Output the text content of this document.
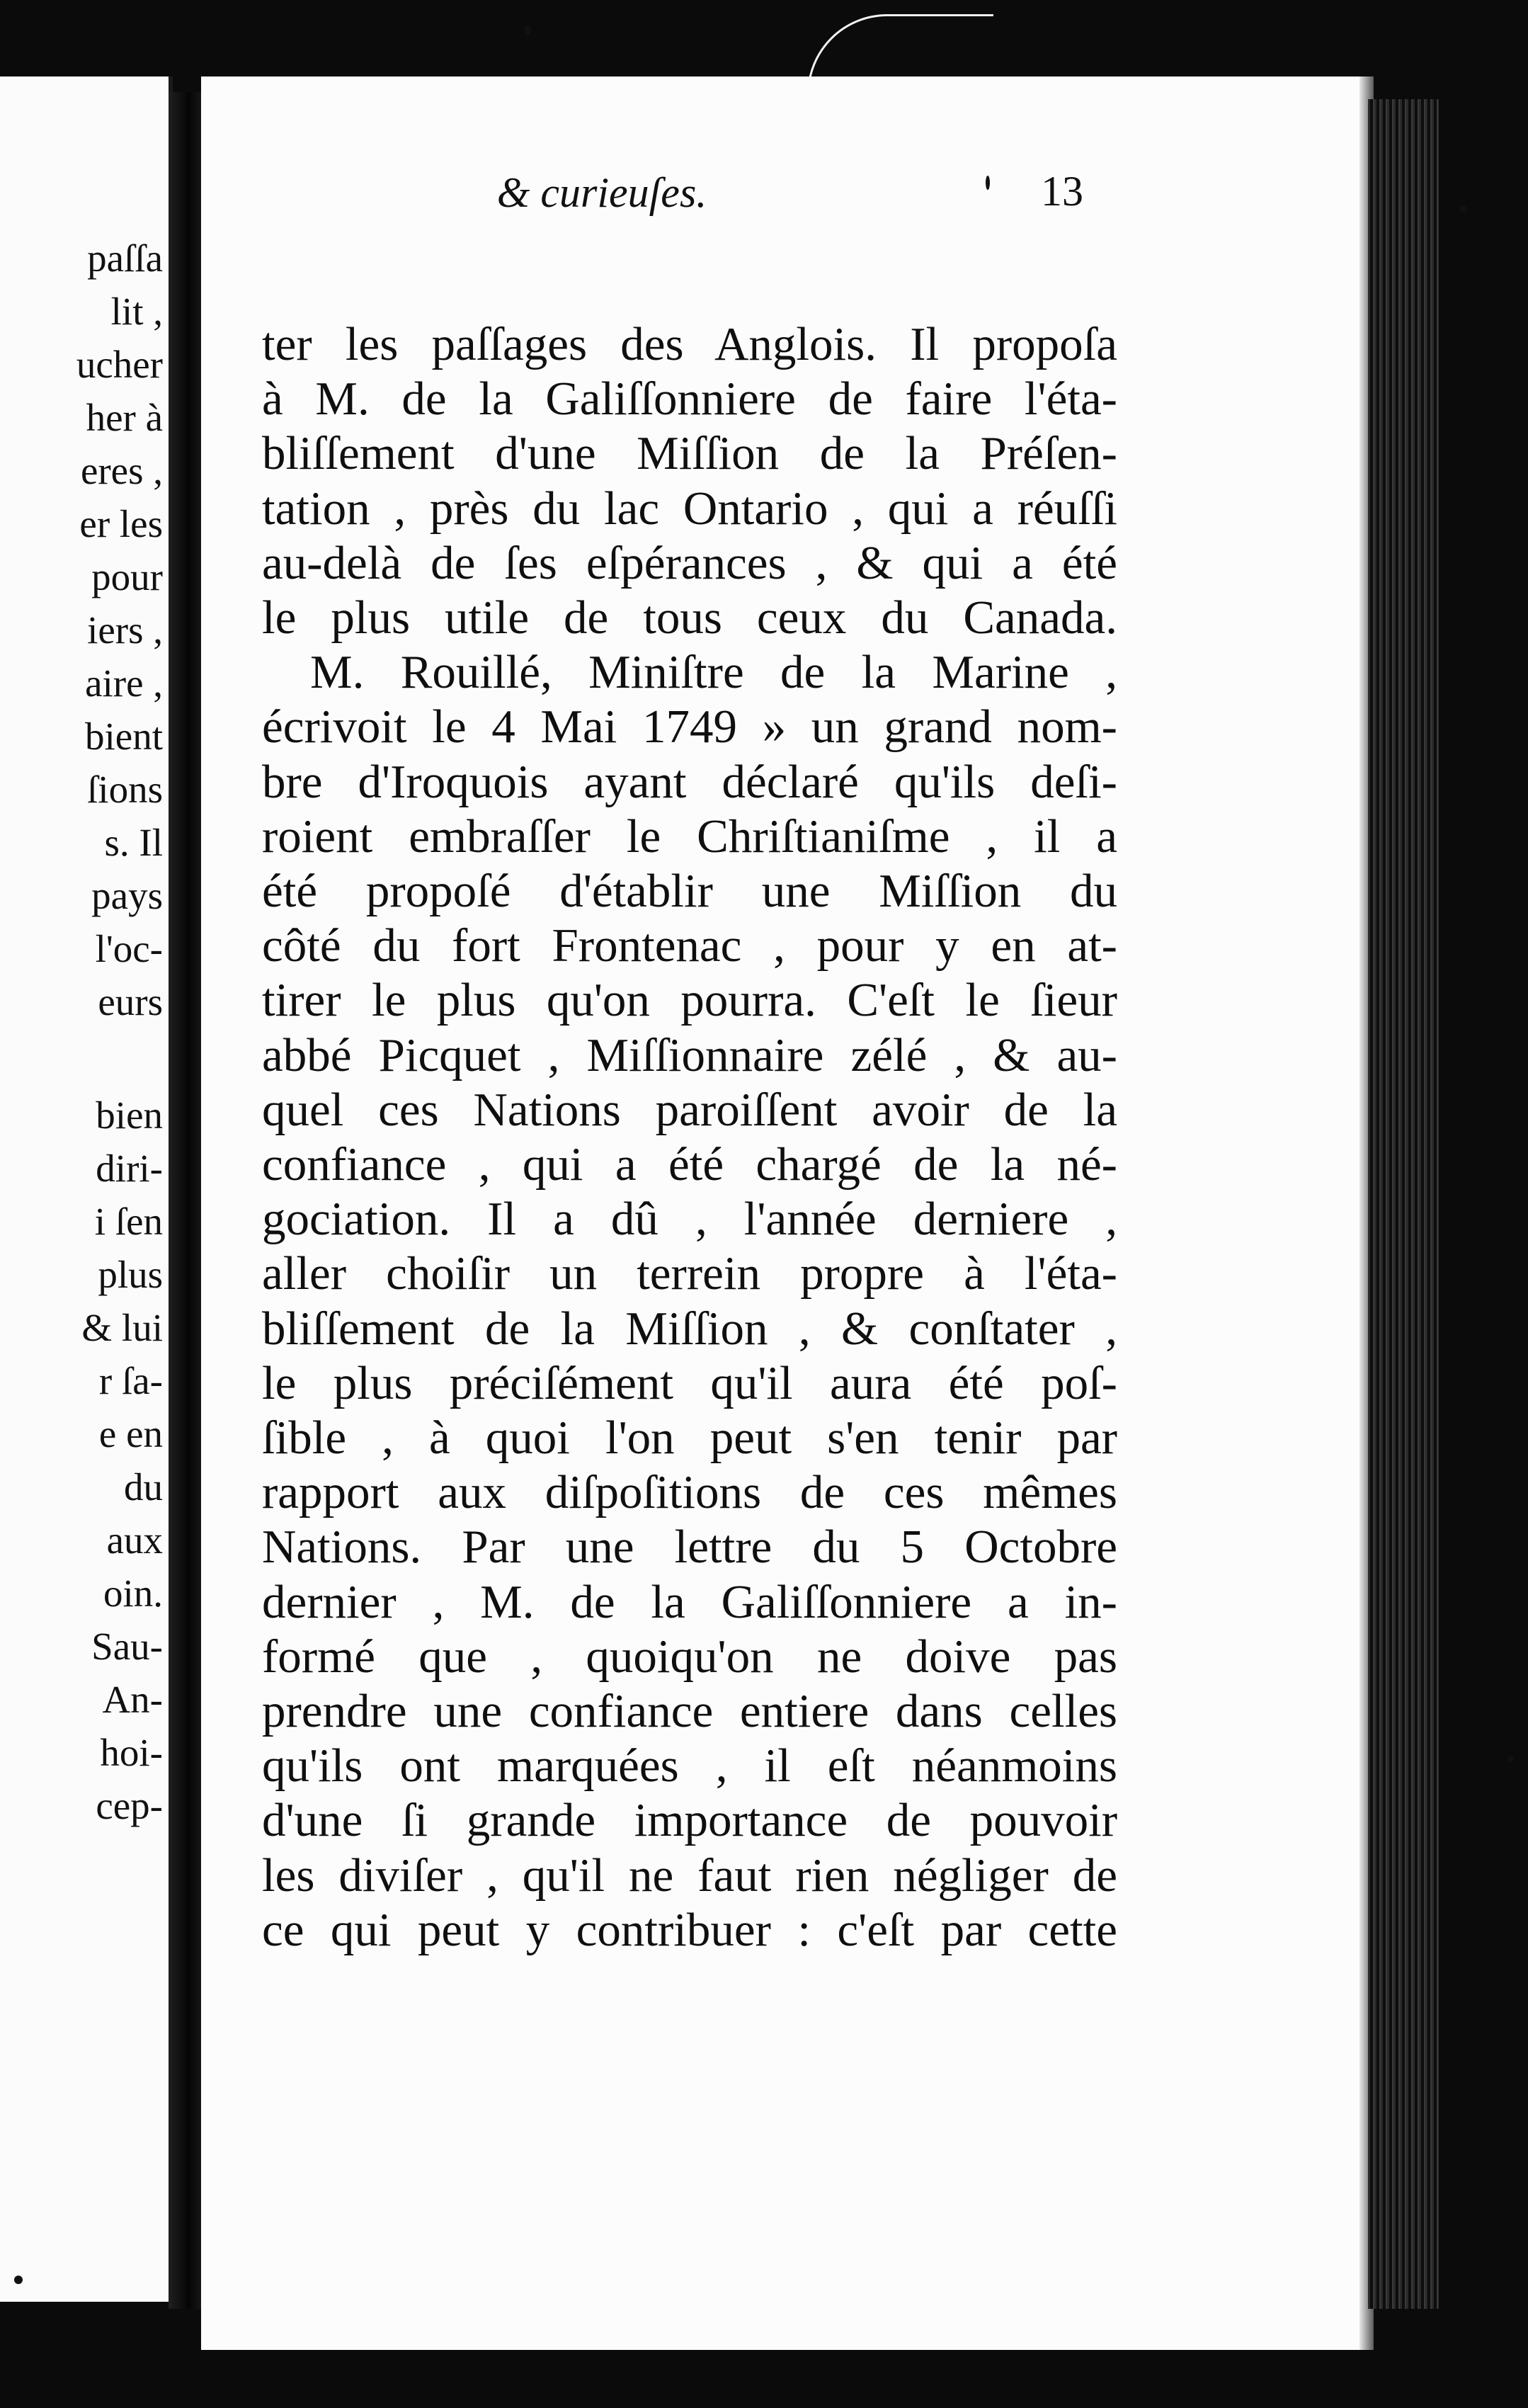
paſſa
lit ,
ucher
her à
eres ,
er les
pour
iers ,
aire ,
bient
ſions
s. Il
pays
l'oc-
eurs
bien
diri-
i ſen
plus
& lui
r ſa-
e en
du
aux
oin.
Sau-
An-
hoi-
cep-
& curieuſes.	13
ter les paſſages des Anglois. Il propoſa
à M. de la Galiſſonniere de faire l'éta-
bliſſement d'une Miſſion de la Préſen-
tation , près du lac Ontario , qui a réuſſi
au-delà de ſes eſpérances , & qui a été
le plus utile de tous ceux du Canada.
M. Rouillé, Miniſtre de la Marine ,
écrivoit le 4 Mai 1749 » un grand nom-
bre d'Iroquois ayant déclaré qu'ils deſi-
roient embraſſer le Chriſtianiſme , il a
été propoſé d'établir une Miſſion du
côté du fort Frontenac , pour y en at-
tirer le plus qu'on pourra. C'eſt le ſieur
abbé Picquet , Miſſionnaire zélé , & au-
quel ces Nations paroiſſent avoir de la
confiance , qui a été chargé de la né-
gociation. Il a dû , l'année derniere ,
aller choiſir un terrein propre à l'éta-
bliſſement de la Miſſion , & conſtater ,
le plus préciſément qu'il aura été poſ-
ſible , à quoi l'on peut s'en tenir par
rapport aux diſpoſitions de ces mêmes
Nations. Par une lettre du 5 Octobre
dernier , M. de la Galiſſonniere a in-
formé que , quoiqu'on ne doive pas
prendre une confiance entiere dans celles
qu'ils ont marquées , il eſt néanmoins
d'une ſi grande importance de pouvoir
les diviſer , qu'il ne faut rien négliger de
ce qui peut y contribuer : c'eſt par cette
